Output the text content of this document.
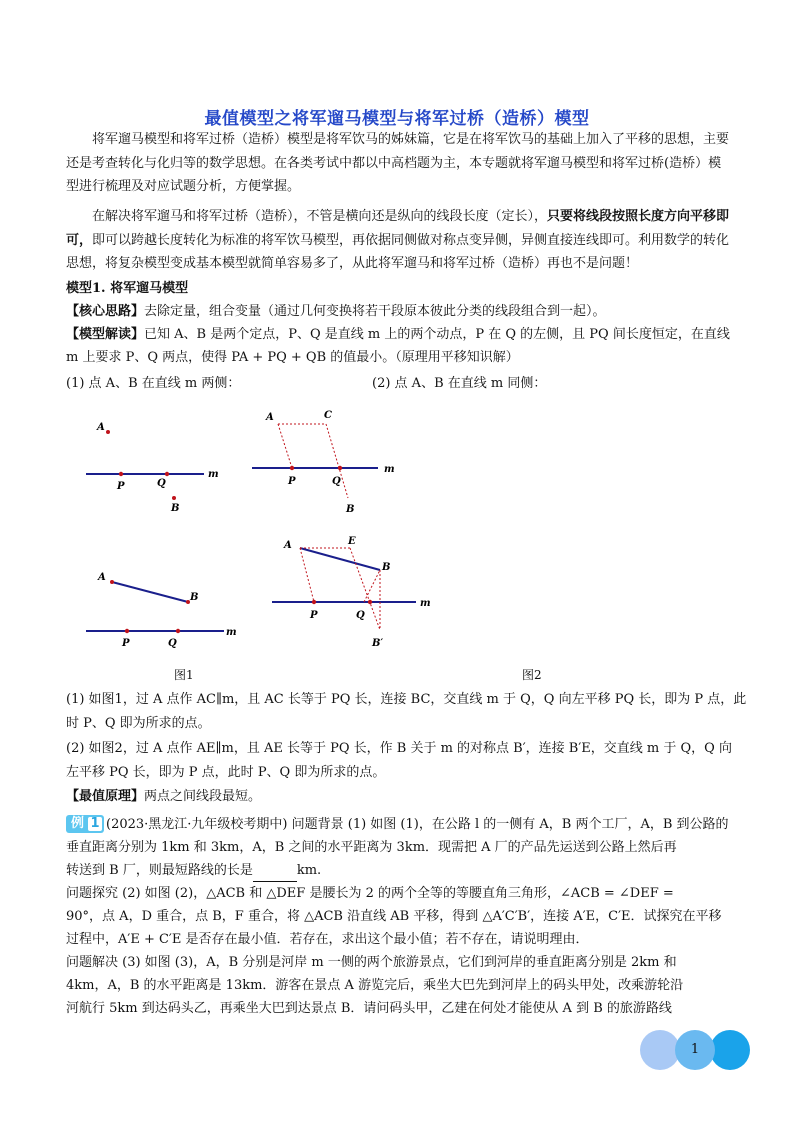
最值模型之将军遛马模型与将军过桥（造桥）模型
将军遛马模型和将军过桥（造桥）模型是将军饮马的姊妹篇，它是在将军饮马的基础上加入了平移的思想，主要还是考查转化与化归等的数学思想。在各类考试中都以中高档题为主，本专题就将军遛马模型和将军过桥(造桥）模型进行梳理及对应试题分析，方便掌握。
在解决将军遛马和将军过桥（造桥），不管是横向还是纵向的线段长度（定长），只要将线段按照长度方向平移即可，即可以跨越长度转化为标准的将军饮马模型，再依据同侧做对称点变异侧，异侧直接连线即可。利用数学的转化思想，将复杂模型变成基本模型就简单容易多了，从此将军遛马和将军过桥（造桥）再也不是问题！
模型1. 将军遛马模型
【核心思路】去除定量，组合变量（通过几何变换将若干段原本彼此分类的线段组合到一起）。
【模型解读】已知 A、B 是两个定点，P、Q 是直线 m 上的两个动点，P 在 Q 的左侧，且 PQ 间长度恒定，在直线
m 上要求 P、Q 两点，使得 PA + PQ + QB 的值最小。（原理用平移知识解）
(1) 点 A、B 在直线 m 两侧：	(2) 点 A、B 在直线 m 同侧：
A
P	Q
m
B
A	C
P	Q
m
B
A
B
P	Q
m
A	E
B
P	Q
m
B′
图1	图2
(1) 如图1，过 A 点作 AC∥m，且 AC 长等于 PQ 长，连接 BC，交直线 m 于 Q，Q 向左平移 PQ 长，即为 P 点，此
时 P、Q 即为所求的点。
(2) 如图2，过 A 点作 AE∥m，且 AE 长等于 PQ 长，作 B 关于 m 的对称点 B′，连接 B′E，交直线 m 于 Q，Q 向
左平移 PQ 长，即为 P 点，此时 P、Q 即为所求的点。
【最值原理】两点之间线段最短。
例 1 (2023·黑龙江·九年级校考期中) 问题背景 (1) 如图 (1)，在公路 l 的一侧有 A，B 两个工厂，A，B 到公路的
垂直距离分别为 1km 和 3km，A，B 之间的水平距离为 3km．现需把 A 厂的产品先运送到公路上然后再
转送到 B 厂，则最短路线的长是	km.
问题探究 (2) 如图 (2)，△ACB 和 △DEF 是腰长为 2 的两个全等的等腰直角三角形，∠ACB = ∠DEF =
90°，点 A，D 重合，点 B，F 重合，将 △ACB 沿直线 AB 平移，得到 △A′C′B′，连接 A′E，C′E．试探究在平移
过程中，A′E + C′E 是否存在最小值．若存在，求出这个最小值；若不存在，请说明理由．
问题解决 (3) 如图 (3)，A，B 分别是河岸 m 一侧的两个旅游景点，它们到河岸的垂直距离分别是 2km 和
4km，A，B 的水平距离是 13km．游客在景点 A 游览完后，乘坐大巴先到河岸上的码头甲处，改乘游轮沿
河航行 5km 到达码头乙，再乘坐大巴到达景点 B．请问码头甲，乙建在何处才能使从 A 到 B 的旅游路线
1
